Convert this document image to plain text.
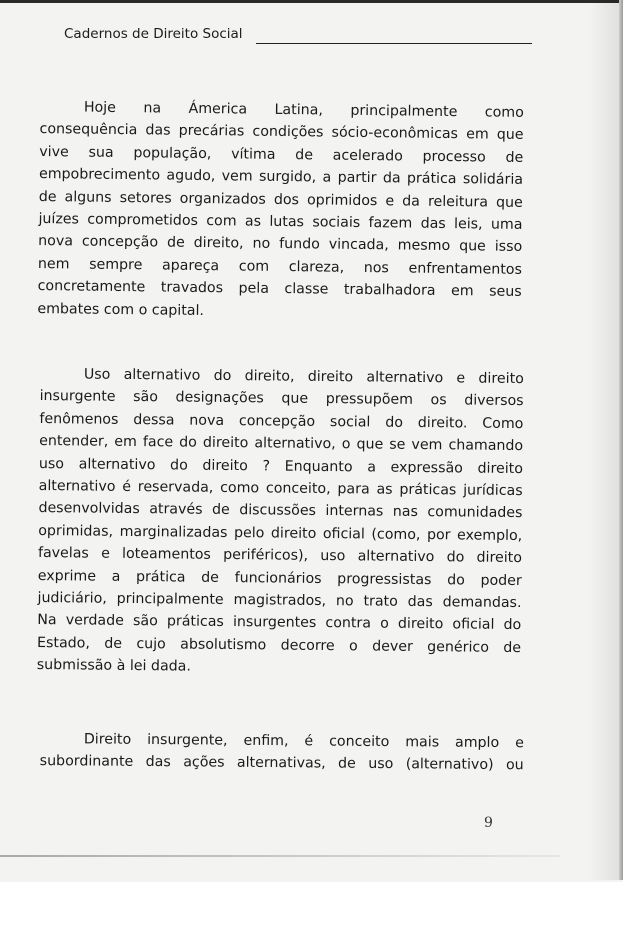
Cadernos de Direito Social

Hoje na Ámerica Latina, principalmente como
consequência das precárias condições sócio-econômicas em que
vive sua população, vítima de acelerado processo de
empobrecimento agudo, vem surgido, a partir da prática solidária
de alguns setores organizados dos oprimidos e da releitura que
juízes comprometidos com as lutas sociais fazem das leis, uma
nova concepção de direito, no fundo vincada, mesmo que isso
nem sempre apareça com clareza, nos enfrentamentos
concretamente travados pela classe trabalhadora em seus
embates com o capital.

Uso alternativo do direito, direito alternativo e direito
insurgente são designações que pressupõem os diversos
fenômenos dessa nova concepção social do direito. Como
entender, em face do direito alternativo, o que se vem chamando
uso alternativo do direito ? Enquanto a expressão direito
alternativo é reservada, como conceito, para as práticas jurídicas
desenvolvidas através de discussões internas nas comunidades
oprimidas, marginalizadas pelo direito oficial (como, por exemplo,
favelas e loteamentos periféricos), uso alternativo do direito
exprime a prática de funcionários progressistas do poder
judiciário, principalmente magistrados, no trato das demandas.
Na verdade são práticas insurgentes contra o direito oficial do
Estado, de cujo absolutismo decorre o dever genérico de
submissão à lei dada.

Direito insurgente, enfim, é conceito mais amplo e
subordinante das ações alternativas, de uso (alternativo) ou

9
